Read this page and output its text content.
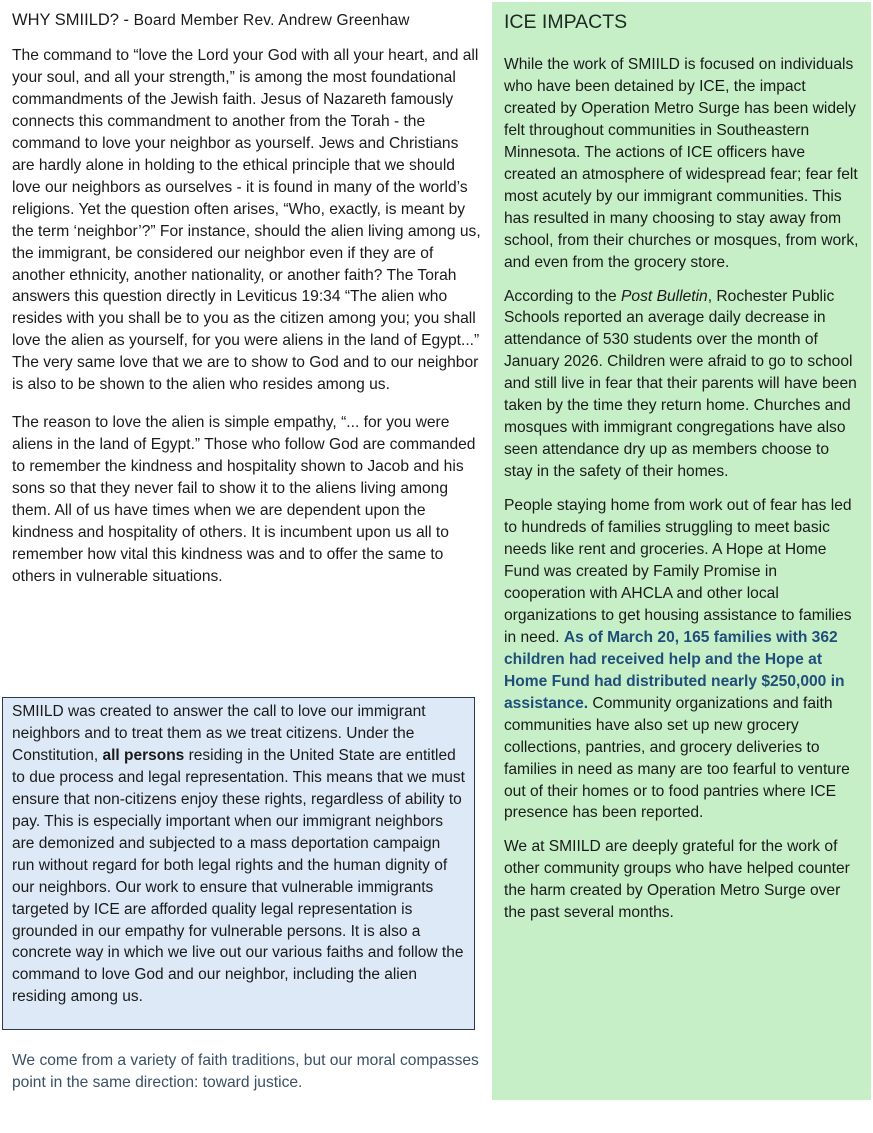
WHY SMIILD? - Board Member Rev. Andrew Greenhaw

The command to “love the Lord your God with all your heart, and all your soul, and all your strength,” is among the most foundational commandments of the Jewish faith. Jesus of Nazareth famously connects this commandment to another from the Torah - the command to love your neighbor as yourself. Jews and Christians are hardly alone in holding to the ethical principle that we should love our neighbors as ourselves - it is found in many of the world’s religions. Yet the question often arises, “Who, exactly, is meant by the term ‘neighbor’?” For instance, should the alien living among us, the immigrant, be considered our neighbor even if they are of another ethnicity, another nationality, or another faith? The Torah answers this question directly in Leviticus 19:34 “The alien who resides with you shall be to you as the citizen among you; you shall love the alien as yourself, for you were aliens in the land of Egypt...” The very same love that we are to show to God and to our neighbor is also to be shown to the alien who resides among us.

The reason to love the alien is simple empathy, “... for you were aliens in the land of Egypt.” Those who follow God are commanded to remember the kindness and hospitality shown to Jacob and his sons so that they never fail to show it to the aliens living among them. All of us have times when we are dependent upon the kindness and hospitality of others. It is incumbent upon us all to remember how vital this kindness was and to offer the same to others in vulnerable situations.

SMIILD was created to answer the call to love our immigrant neighbors and to treat them as we treat citizens. Under the Constitution, all persons residing in the United State are entitled to due process and legal representation. This means that we must ensure that non-citizens enjoy these rights, regardless of ability to pay. This is especially important when our immigrant neighbors are demonized and subjected to a mass deportation campaign run without regard for both legal rights and the human dignity of our neighbors. Our work to ensure that vulnerable immigrants targeted by ICE are afforded quality legal representation is grounded in our empathy for vulnerable persons. It is also a concrete way in which we live out our various faiths and follow the command to love God and our neighbor, including the alien residing among us.
We come from a variety of faith traditions, but our moral compasses point in the same direction: toward justice.
ICE IMPACTS

While the work of SMIILD is focused on individuals who have been detained by ICE, the impact created by Operation Metro Surge has been widely felt throughout communities in Southeastern Minnesota. The actions of ICE officers have created an atmosphere of widespread fear; fear felt most acutely by our immigrant communities. This has resulted in many choosing to stay away from school, from their churches or mosques, from work, and even from the grocery store.

According to the Post Bulletin, Rochester Public Schools reported an average daily decrease in attendance of 530 students over the month of January 2026. Children were afraid to go to school and still live in fear that their parents will have been taken by the time they return home. Churches and mosques with immigrant congregations have also seen attendance dry up as members choose to stay in the safety of their homes.

People staying home from work out of fear has led to hundreds of families struggling to meet basic needs like rent and groceries. A Hope at Home Fund was created by Family Promise in cooperation with AHCLA and other local organizations to get housing assistance to families in need. As of March 20, 165 families with 362 children had received help and the Hope at Home Fund had distributed nearly $250,000 in assistance. Community organizations and faith communities have also set up new grocery collections, pantries, and grocery deliveries to families in need as many are too fearful to venture out of their homes or to food pantries where ICE presence has been reported.

We at SMIILD are deeply grateful for the work of other community groups who have helped counter the harm created by Operation Metro Surge over the past several months.
